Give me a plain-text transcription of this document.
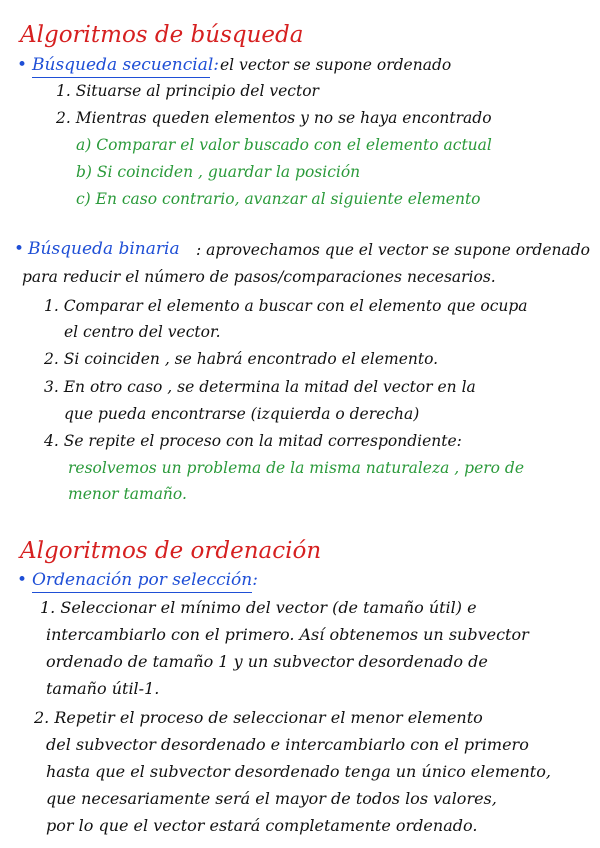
Algoritmos de búsqueda
• Búsqueda secuencial: el vector se supone ordenado
1. Situarse al principio del vector
2. Mientras queden elementos y no se haya encontrado
a) Comparar el valor buscado con el elemento actual
b) Si coinciden , guardar la posición
c) En caso contrario, avanzar al siguiente elemento
• Búsqueda binaria : aprovechamos que el vector se supone ordenado
para reducir el número de pasos/comparaciones necesarios.
1. Comparar el elemento a buscar con el elemento que ocupa
el centro del vector.
2. Si coinciden , se habrá encontrado el elemento.
3. En otro caso , se determina la mitad del vector en la
que pueda encontrarse (izquierda o derecha)
4. Se repite el proceso con la mitad correspondiente:
resolvemos un problema de la misma naturaleza , pero de
menor tamaño.
Algoritmos de ordenación
• Ordenación por selección:
1. Seleccionar el mínimo del vector (de tamaño útil) e
intercambiarlo con el primero. Así obtenemos un subvector
ordenado de tamaño 1 y un subvector desordenado de
tamaño útil-1.
2. Repetir el proceso de seleccionar el menor elemento
del subvector desordenado e intercambiarlo con el primero
hasta que el subvector desordenado tenga un único elemento,
que necesariamente será el mayor de todos los valores,
por lo que el vector estará completamente ordenado.
